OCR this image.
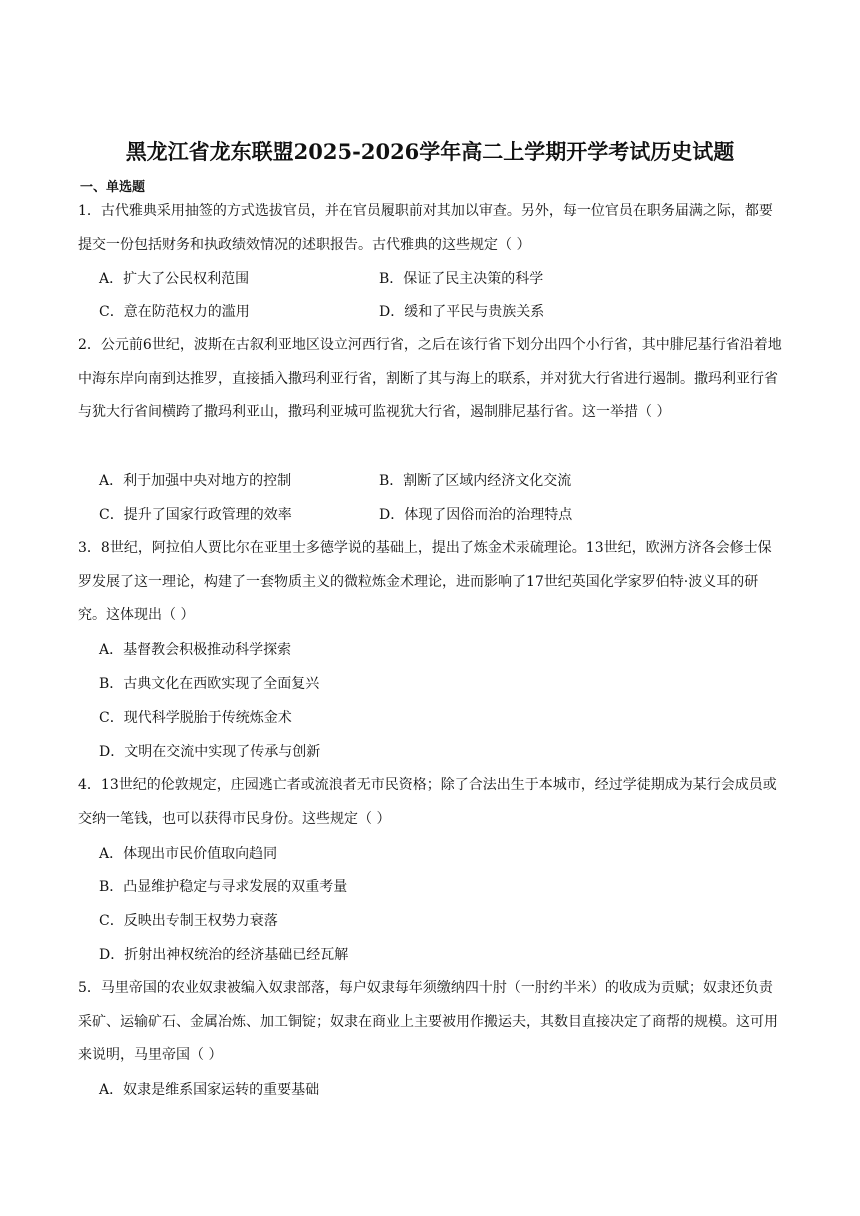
黑龙江省龙东联盟2025-2026学年高二上学期开学考试历史试题
一、单选题
1．古代雅典采用抽签的方式选拔官员，并在官员履职前对其加以审查。另外，每一位官员在职务届满之际，都要提交一份包括财务和执政绩效情况的述职报告。古代雅典的这些规定（ ）
A．扩大了公民权利范围	B．保证了民主决策的科学
C．意在防范权力的滥用	D．缓和了平民与贵族关系
2．公元前6世纪，波斯在古叙利亚地区设立河西行省，之后在该行省下划分出四个小行省，其中腓尼基行省沿着地中海东岸向南到达推罗，直接插入撒玛利亚行省，割断了其与海上的联系，并对犹大行省进行遏制。撒玛利亚行省与犹大行省间横跨了撒玛利亚山，撒玛利亚城可监视犹大行省，遏制腓尼基行省。这一举措（ ）
A．利于加强中央对地方的控制	B．割断了区域内经济文化交流
C．提升了国家行政管理的效率	D．体现了因俗而治的治理特点
3．8世纪，阿拉伯人贾比尔在亚里士多德学说的基础上，提出了炼金术汞硫理论。13世纪，欧洲方济各会修士保罗发展了这一理论，构建了一套物质主义的微粒炼金术理论，进而影响了17世纪英国化学家罗伯特·波义耳的研究。这体现出（ ）
A．基督教会积极推动科学探索
B．古典文化在西欧实现了全面复兴
C．现代科学脱胎于传统炼金术
D．文明在交流中实现了传承与创新
4．13世纪的伦敦规定，庄园逃亡者或流浪者无市民资格；除了合法出生于本城市，经过学徒期成为某行会成员或交纳一笔钱，也可以获得市民身份。这些规定（ ）
A．体现出市民价值取向趋同
B．凸显维护稳定与寻求发展的双重考量
C．反映出专制王权势力衰落
D．折射出神权统治的经济基础已经瓦解
5．马里帝国的农业奴隶被编入奴隶部落，每户奴隶每年须缴纳四十肘（一肘约半米）的收成为贡赋；奴隶还负责采矿、运输矿石、金属冶炼、加工铜锭；奴隶在商业上主要被用作搬运夫，其数目直接决定了商帮的规模。这可用来说明，马里帝国（ ）
A．奴隶是维系国家运转的重要基础
